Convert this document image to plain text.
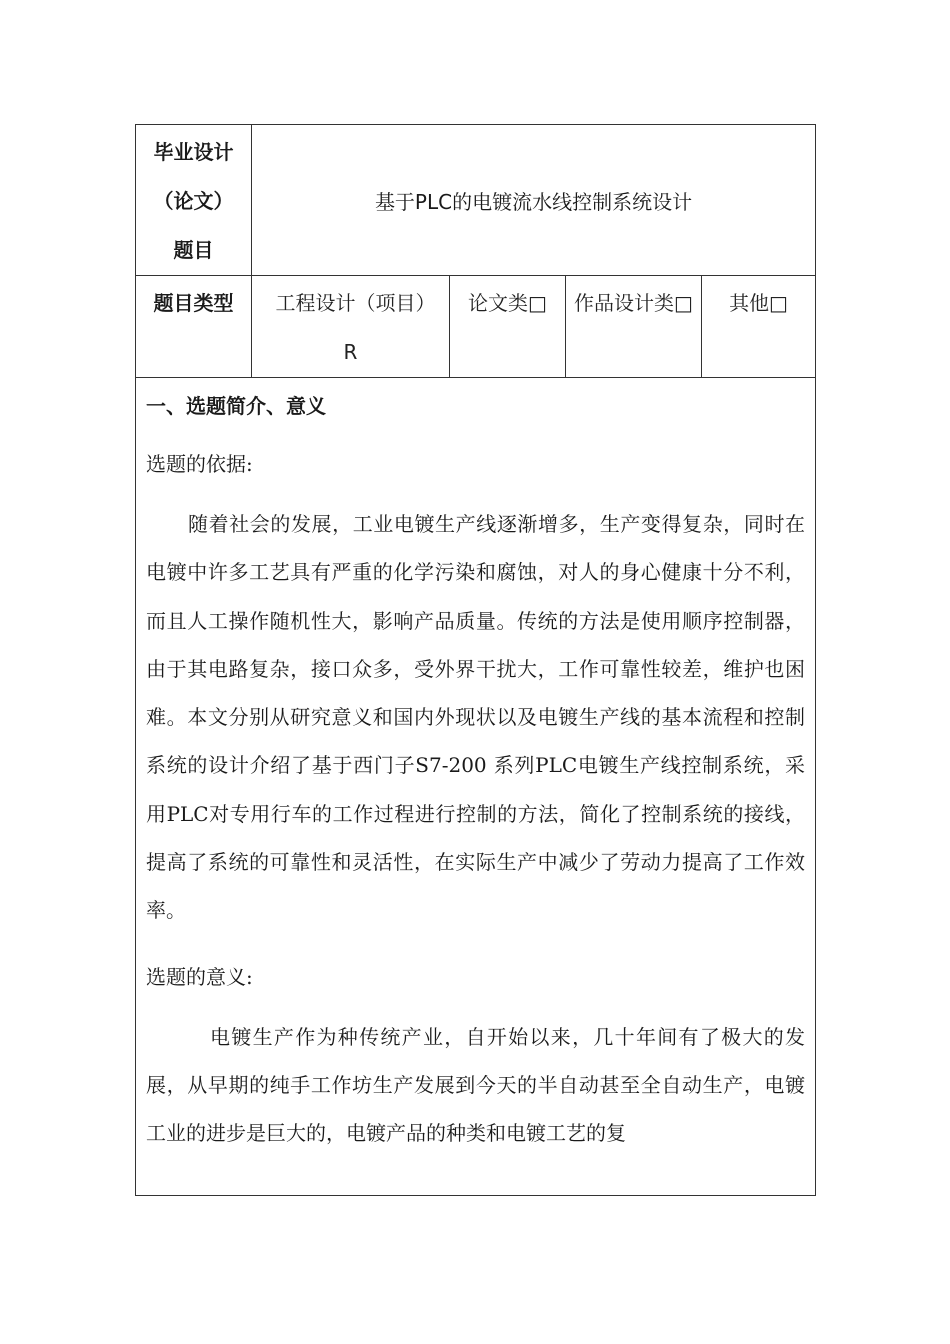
毕业设计
（论文）
题目	基于PLC的电镀流水线控制系统设计			

题目类型	工程设计（项目）R	论文类□	作品设计类□	其他□

一、选题简介、意义

选题的依据:

随着社会的发展，工业电镀生产线逐渐增多，生产变得复杂，同时在电镀中许多工艺具有严重的化学污染和腐蚀，对人的身心健康十分不利，而且人工操作随机性大，影响产品质量。传统的方法是使用顺序控制器，由于其电路复杂，接口众多，受外界干扰大，工作可靠性较差，维护也困难。本文分别从研究意义和国内外现状以及电镀生产线的基本流程和控制系统的设计介绍了基于西门子S7-200 系列PLC电镀生产线控制系统，采用PLC对专用行车的工作过程进行控制的方法，简化了控制系统的接线，提高了系统的可靠性和灵活性，在实际生产中减少了劳动力提高了工作效率。

选题的意义:

电镀生产作为种传统产业，自开始以来，几十年间有了极大的发展，从早期的纯手工作坊生产发展到今天的半自动甚至全自动生产，电镀工业的进步是巨大的，电镀产品的种类和电镀工艺的复				
